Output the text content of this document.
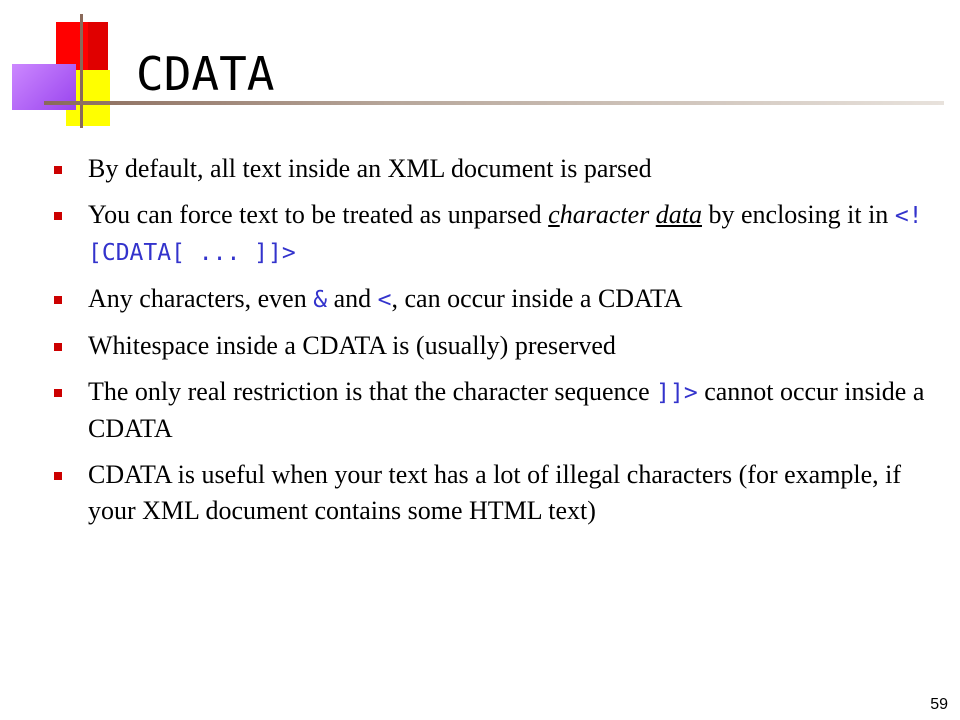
CDATA
By default, all text inside an XML document is parsed
You can force text to be treated as unparsed character data by enclosing it in <![CDATA[ ... ]]>
Any characters, even & and <, can occur inside a CDATA
Whitespace inside a CDATA is (usually) preserved
The only real restriction is that the character sequence ]]> cannot occur inside a CDATA
CDATA is useful when your text has a lot of illegal characters (for example, if your XML document contains some HTML text)
59
